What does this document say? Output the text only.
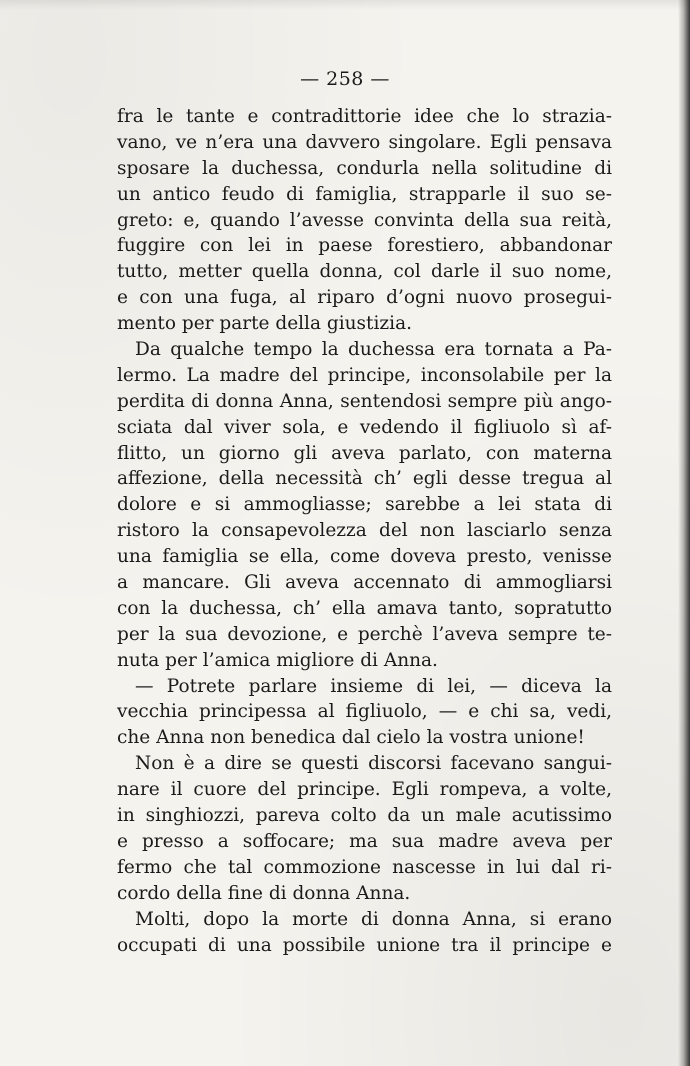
— 258 —
fra le tante e contradittorie idee che lo strazia-
vano, ve n’era una davvero singolare. Egli pensava
sposare la duchessa, condurla nella solitudine di
un antico feudo di famiglia, strapparle il suo se-
greto: e, quando l’avesse convinta della sua reità,
fuggire con lei in paese forestiero, abbandonar
tutto, metter quella donna, col darle il suo nome,
e con una fuga, al riparo d’ogni nuovo prosegui-
mento per parte della giustizia.
Da qualche tempo la duchessa era tornata a Pa-
lermo. La madre del principe, inconsolabile per la
perdita di donna Anna, sentendosi sempre più ango-
sciata dal viver sola, e vedendo il figliuolo sì af-
flitto, un giorno gli aveva parlato, con materna
affezione, della necessità ch’ egli desse tregua al
dolore e si ammogliasse; sarebbe a lei stata di
ristoro la consapevolezza del non lasciarlo senza
una famiglia se ella, come doveva presto, venisse
a mancare. Gli aveva accennato di ammogliarsi
con la duchessa, ch’ ella amava tanto, sopratutto
per la sua devozione, e perchè l’aveva sempre te-
nuta per l’amica migliore di Anna.
— Potrete parlare insieme di lei, — diceva la
vecchia principessa al figliuolo, — e chi sa, vedi,
che Anna non benedica dal cielo la vostra unione!
Non è a dire se questi discorsi facevano sangui-
nare il cuore del principe. Egli rompeva, a volte,
in singhiozzi, pareva colto da un male acutissimo
e presso a soffocare; ma sua madre aveva per
fermo che tal commozione nascesse in lui dal ri-
cordo della fine di donna Anna.
Molti, dopo la morte di donna Anna, si erano
occupati di una possibile unione tra il principe e
